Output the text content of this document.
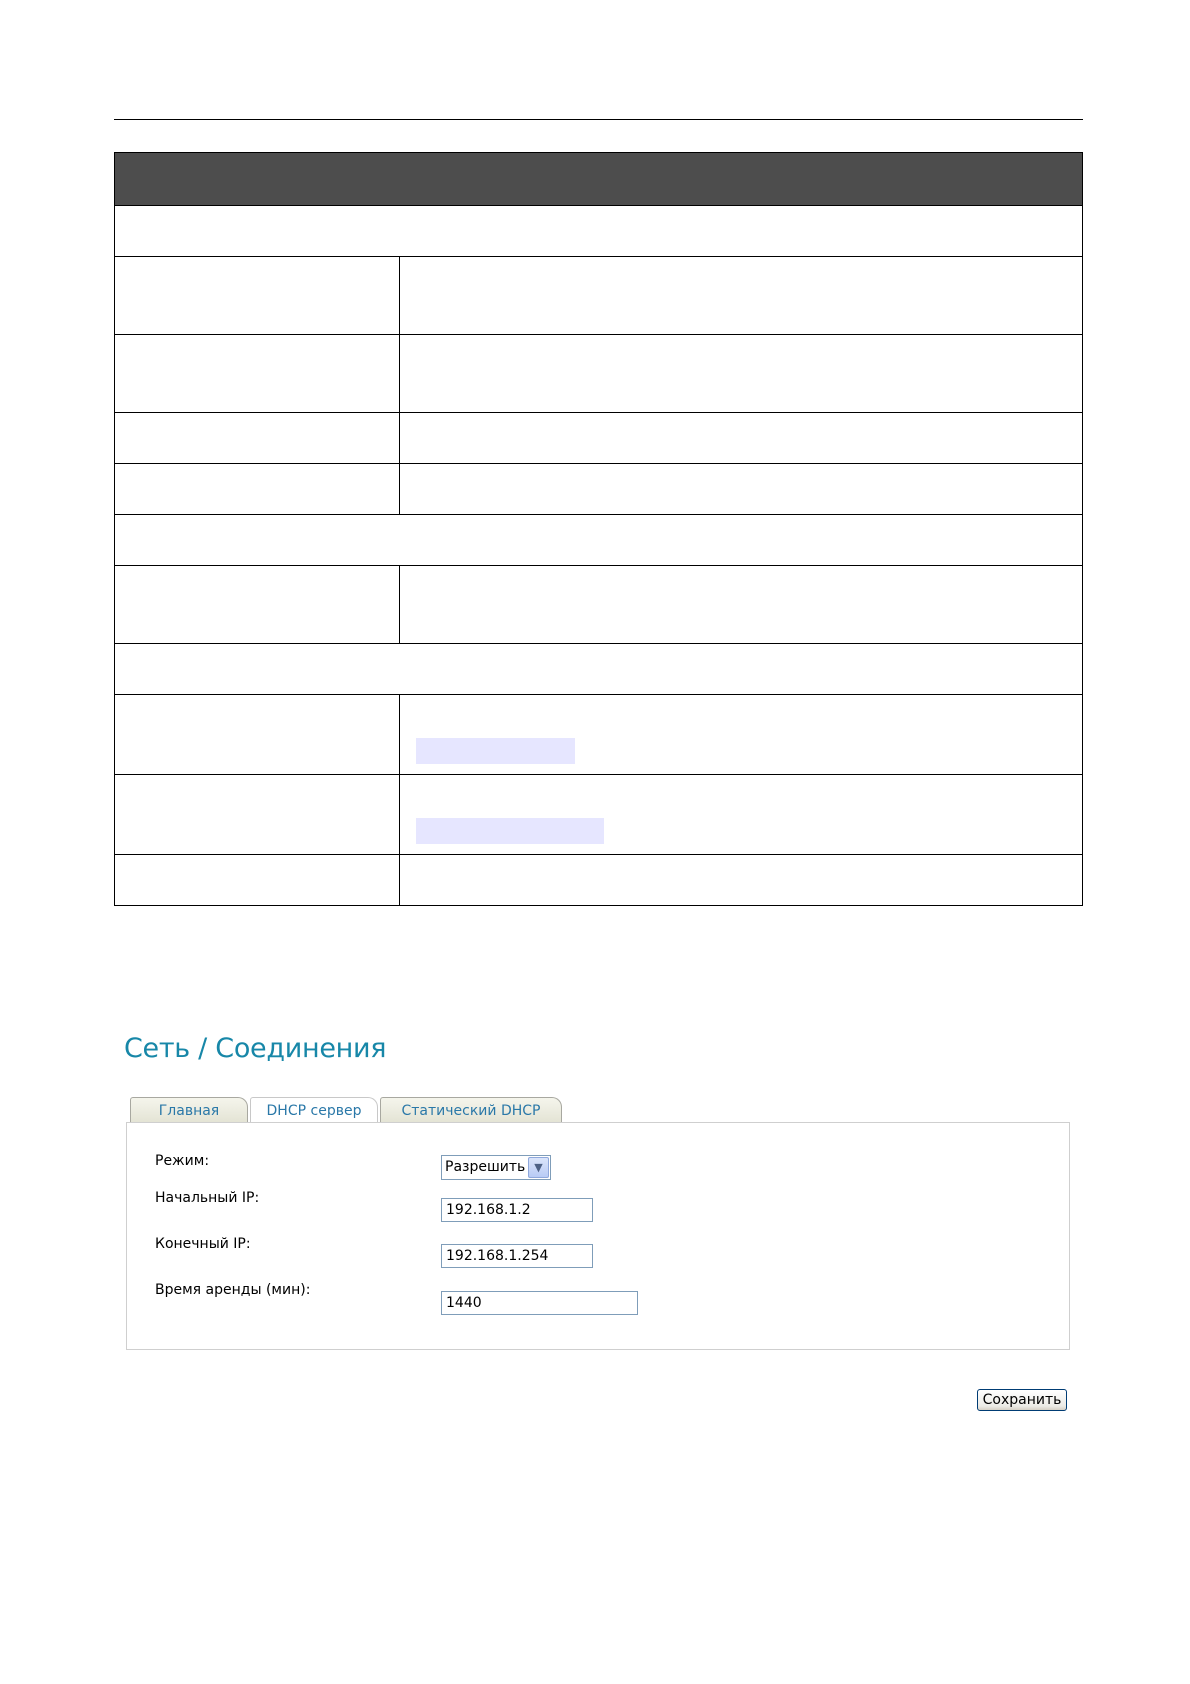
Сеть / Соединения
Главная	Статический DHCP
DHCP сервер
Режим:	Разрешить ▼
Начальный IP:
192.168.1.2
Конечный IP:
192.168.1.254
Время аренды (мин):
1440
Сохранить
